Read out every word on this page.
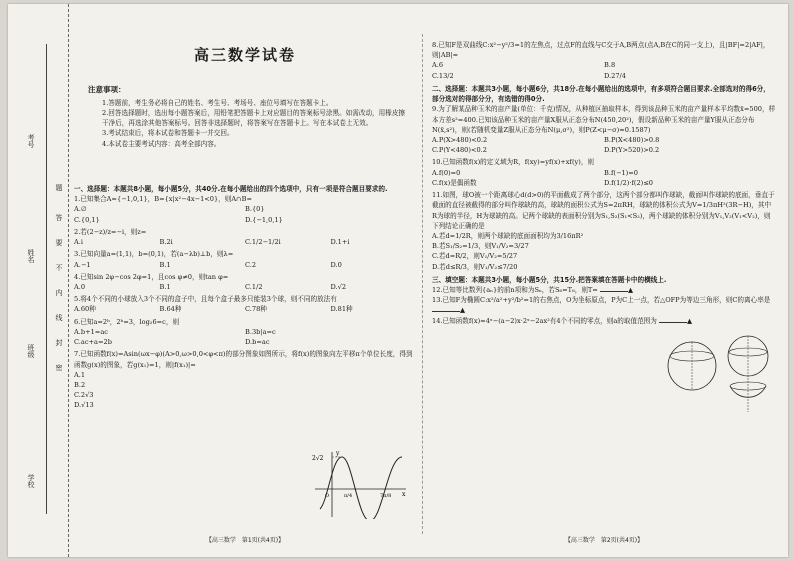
考号
姓名
班级
学校
题
答
要
不
内
线
封
密
高三数学试卷
注意事项：

1.答题前，考生务必将自己的姓名、考生号、考场号、座位号填写在答题卡上。

2.回答选择题时，选出每小题答案后，用铅笔把答题卡上对应题目的答案标号涂黑。如需改动，用橡皮擦干净后，再选涂其他答案标号。回答非选择题时，将答案写在答题卡上。写在本试卷上无效。

3.考试结束后，将本试卷和答题卡一并交回。

4.本试卷主要考试内容：高考全部内容。

一、选择题：本题共8小题，每小题5分，共40分.在每小题给出的四个选项中，只有一项是符合题目要求的.

1.已知集合A={−1,0,1}，B={x|x²−4x−1<0}，则A∩B=

A.∅	B.{0}
C.{0,1}	D.{−1,0,1}

2.若(2−z)/z=−i，则z=

A.i	B.2i	C.1/2−1/2i	D.1+i

3.已知向量a=(1,1)，b=(0,1)，若(a−λb)⊥b，则λ=

A.−1	B.1	C.2	D.0

4.已知sin 2φ−cos 2φ=1，且cos φ≠0，则tan φ=

A.0	B.1	C.1/2	D.√2

5.将4个不同的小球放入3个不同的盒子中，且每个盒子最多只能装3个球，则不同的放法有

A.60种	B.64种	C.78种	D.81种

6.已知a=2ᵇ，2ᵇ=3，log₂6=c，则

A.b+1=ac	B.3b|a=c
C.ac+a=2b	D.b=ac

7.已知函数f(x)=Asin(ωx−φ)(A>0,ω>0,0<φ<π)的部分图象如图所示，将f(x)的图象向左平移π个单位长度，得到函数g(x)的图象，若g(x₁)=1，则|f(x₁)|=

A.1
B.2
C.2√3
D.√13
y
2√2
x
π/4	7π/8
O
【高三数学　第1页(共4页)】

8.已知F是双曲线C:x²−y²/3=1的左焦点，过点F的直线与C交于A,B两点(点A,B在C的同一支上)，且|BF|=2|AF|，则|AB|=

A.6	B.8
C.13/2	D.27/4

二、选择题：本题共3小题，每小题6分，共18分.在每小题给出的选项中，有多项符合题目要求.全部选对的得6分，部分选对的得部分分，有选错的得0分.

9.为了解某品种玉米的亩产量(单位：千克)情况，从种植区抽取样本，得到该品种玉米的亩产量样本平均数x̄=500，样本方差s²=400.已知该品种玉米的亩产量X服从正态分布N(450,20²)，假设新品种玉米的亩产量Y服从正态分布N(x̄,s²)，则(若随机变量Z服从正态分布N(μ,σ²)，则P(Z<μ−σ)≈0.1587)

A.P(X>480)<0.2	B.P(X<480)>0.8
C.P(Y<480)<0.2	D.P(Y>520)>0.2

10.已知函数f(x)的定义域为R，f(xy)=yf(x)+xf(y)，则

A.f(0)=0	B.f(−1)=0
C.f(x)是偶函数	D.f(1/2)·f(2)≤0

11.如图，球O被一个距离球心d(d>0)的平面截成了两个部分，这两个部分都叫作球缺，截面叫作球缺的底面，垂直于截面的直径被截得的部分叫作球缺的高，球缺的面积公式为S=2πRH，球缺的体积公式为V=1/3πH²(3R−H)，其中R为球的半径，H为球缺的高。记两个球缺的表面积分别为S₁,S₂(S₁<S₂)，两个球缺的体积分别为V₁,V₂(V₁<V₂)，则下列结论正确的是

A.若d=1/2R，则两个球缺的底面面积均为3/16πR²
B.若S₁/S₂=1/3，则V₁/V₂=3/27
C.若d=R/2，则V₁/V₂=5/27
D.若d≤R/3，则V₁/V₂≤7/20

三、填空题：本题共3小题，每小题5分，共15分.把答案填在答题卡中的横线上.

12.已知等比数列{aₙ}的前n项和为Sₙ，若S₆=T₆，则T=	▲

13.已知F为椭圆C:x²/a²+y²/b²=1的右焦点，O为坐标原点，P为C上一点，若△OFP为等边三角形，则C的离心率是 ▲

14.已知函数f(x)=4ˣ−(a−2)x·2ˣ−2ax²有4个不同的零点，则a的取值范围为	▲

【高三数学　第2页(共4页)】
